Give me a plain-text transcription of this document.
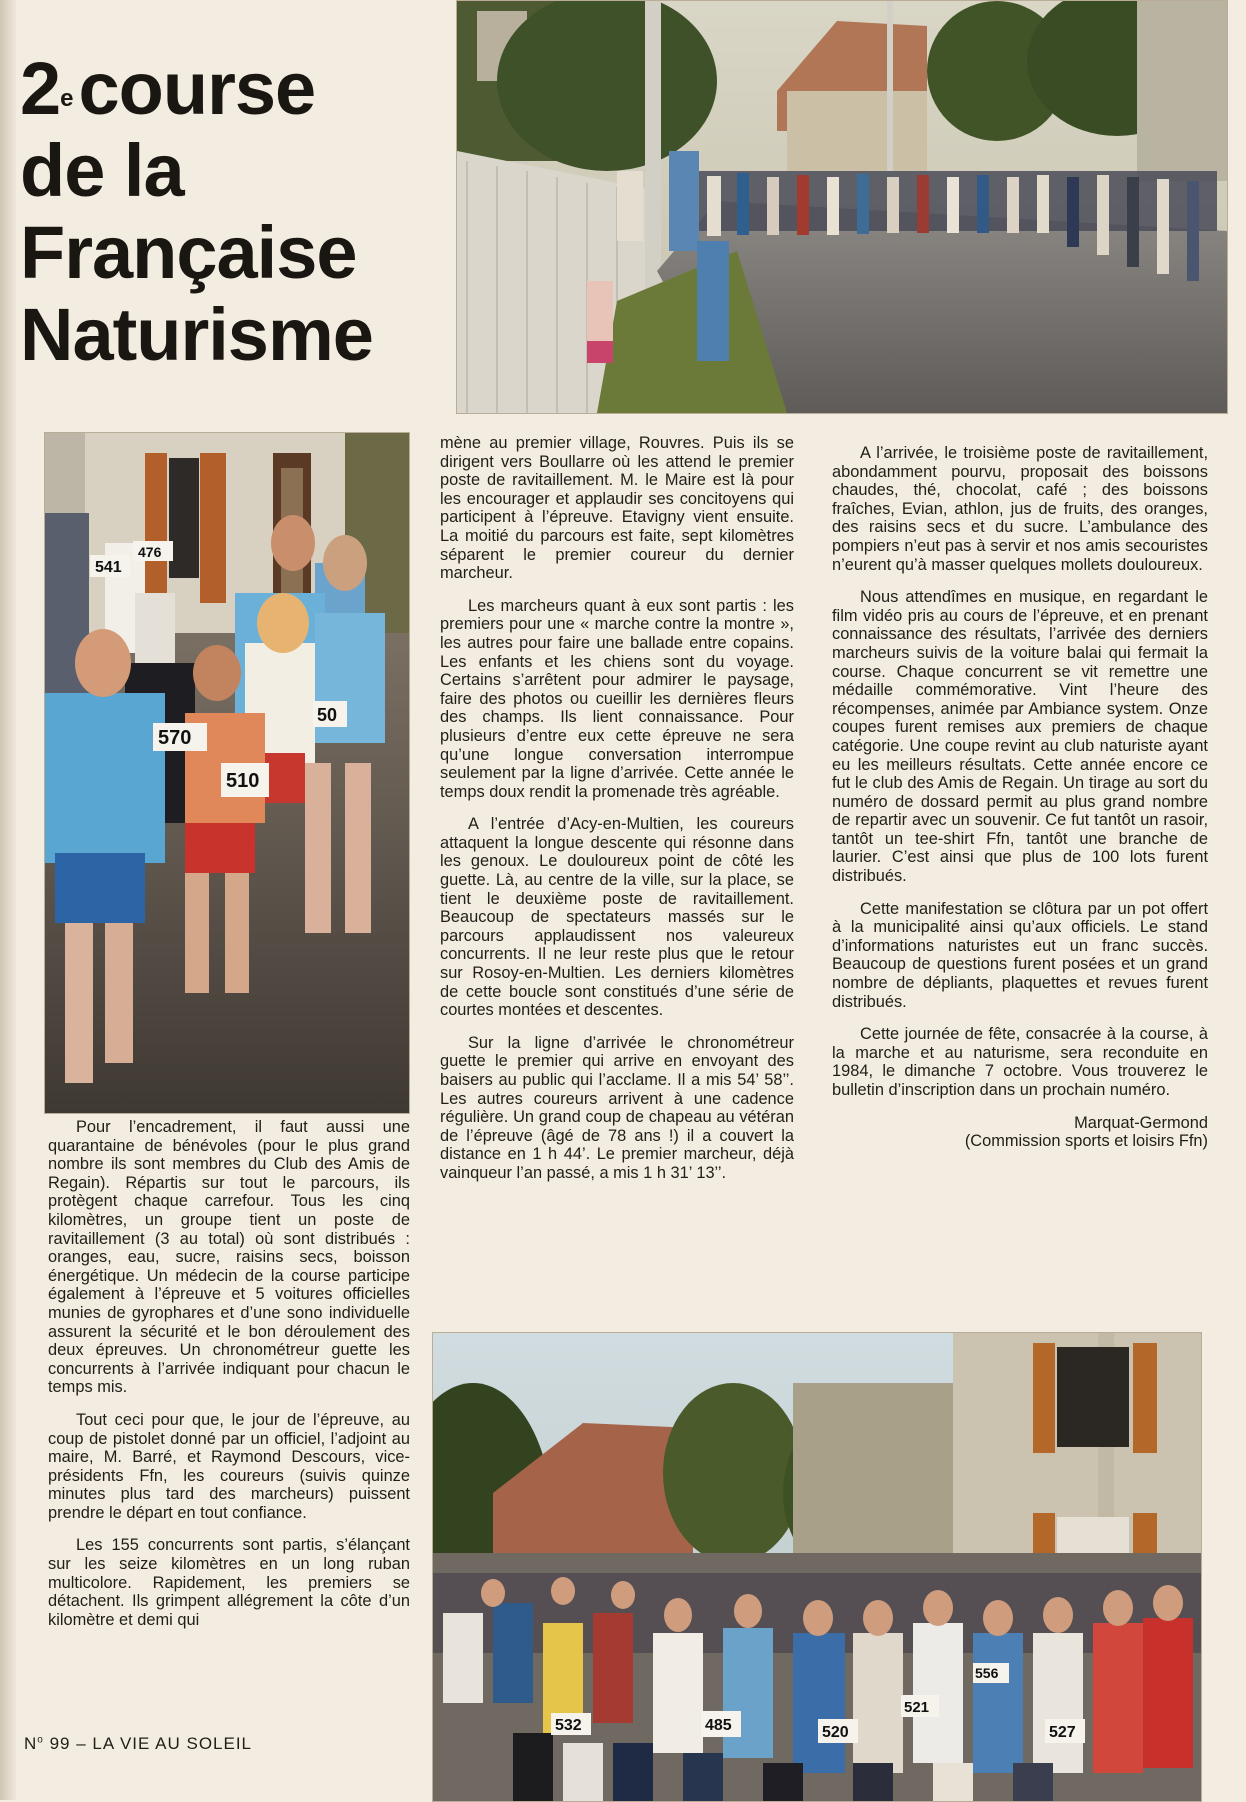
2ecourse
de la
Française
Naturisme
541
476
570
510
50
532	485	520
521
556
527

Pour l’encadrement, il faut aussi une quarantaine de bénévoles (pour le plus grand nombre ils sont membres du Club des Amis de Regain). Répartis sur tout le parcours, ils protègent chaque carrefour. Tous les cinq kilomètres, un groupe tient un poste de ravitaillement (3 au total) où sont distribués : oranges, eau, sucre, raisins secs, boisson énergétique. Un médecin de la course participe également à l’épreuve et 5 voitures officielles munies de gyrophares et d’une sono individuelle assurent la sécurité et le bon déroulement des deux épreuves. Un chronométreur guette les concurrents à l’arrivée indiquant pour chacun le temps mis.

Tout ceci pour que, le jour de l’épreuve, au coup de pistolet donné par un officiel, l’adjoint au maire, M. Barré, et Raymond Descours, vice-présidents Ffn, les coureurs (suivis quinze minutes plus tard des marcheurs) puissent prendre le départ en tout confiance.

Les 155 concurrents sont partis, s’élançant sur les seize kilomètres en un long ruban multicolore. Rapidement, les premiers se détachent. Ils grimpent allégrement la côte d’un kilomètre et demi qui

mène au premier village, Rouvres. Puis ils se dirigent vers Boullarre où les attend le premier poste de ravitaillement. M. le Maire est là pour les encourager et applaudir ses concitoyens qui participent à l’épreuve. Etavigny vient ensuite. La moitié du parcours est faite, sept kilomètres séparent le premier coureur du dernier marcheur.

Les marcheurs quant à eux sont partis : les premiers pour une « marche contre la montre », les autres pour faire une ballade entre copains. Les enfants et les chiens sont du voyage. Certains s’arrêtent pour admirer le paysage, faire des photos ou cueillir les dernières fleurs des champs. Ils lient connaissance. Pour plusieurs d’entre eux cette épreuve ne sera qu’une longue conversation interrompue seulement par la ligne d’arrivée. Cette année le temps doux rendit la promenade très agréable.

A l’entrée d’Acy-en-Multien, les coureurs attaquent la longue descente qui résonne dans les genoux. Le douloureux point de côté les guette. Là, au centre de la ville, sur la place, se tient le deuxième poste de ravitaillement. Beaucoup de spectateurs massés sur le parcours applaudissent nos valeureux concurrents. Il ne leur reste plus que le retour sur Rosoy-en-Multien. Les derniers kilomètres de cette boucle sont constitués d’une série de courtes montées et descentes.

Sur la ligne d’arrivée le chronométreur guette le premier qui arrive en envoyant des baisers au public qui l’acclame. Il a mis 54’ 58’’. Les autres coureurs arrivent à une cadence régulière. Un grand coup de chapeau au vétéran de l’épreuve (âgé de 78 ans !) il a couvert la distance en 1 h 44’. Le premier marcheur, déjà vainqueur l’an passé, a mis 1 h 31’ 13’’.

A l’arrivée, le troisième poste de ravitaillement, abondamment pourvu, proposait des boissons chaudes, thé, chocolat, café ; des boissons fraîches, Evian, athlon, jus de fruits, des oranges, des raisins secs et du sucre. L’ambulance des pompiers n’eut pas à servir et nos amis secouristes n’eurent qu’à masser quelques mollets douloureux.

Nous attendîmes en musique, en regardant le film vidéo pris au cours de l’épreuve, et en prenant connaissance des résultats, l’arrivée des derniers marcheurs suivis de la voiture balai qui fermait la course. Chaque concurrent se vit remettre une médaille commémorative. Vint l’heure des récompenses, animée par Ambiance system. Onze coupes furent remises aux premiers de chaque catégorie. Une coupe revint au club naturiste ayant eu les meilleurs résultats. Cette année encore ce fut le club des Amis de Regain. Un tirage au sort du numéro de dossard permit au plus grand nombre de repartir avec un souvenir. Ce fut tantôt un rasoir, tantôt un tee-shirt Ffn, tantôt une branche de laurier. C’est ainsi que plus de 100 lots furent distribués.

Cette manifestation se clôtura par un pot offert à la municipalité ainsi qu’aux officiels. Le stand d’informations naturistes eut un franc succès. Beaucoup de questions furent posées et un grand nombre de dépliants, plaquettes et revues furent distribués.

Cette journée de fête, consacrée à la course, à la marche et au naturisme, sera reconduite en 1984, le dimanche 7 octobre. Vous trouverez le bulletin d’inscription dans un prochain numéro.

Marquat-Germond
(Commission sports et loisirs Ffn)

$N^o$ 99 – LA VIE AU SOLEIL
